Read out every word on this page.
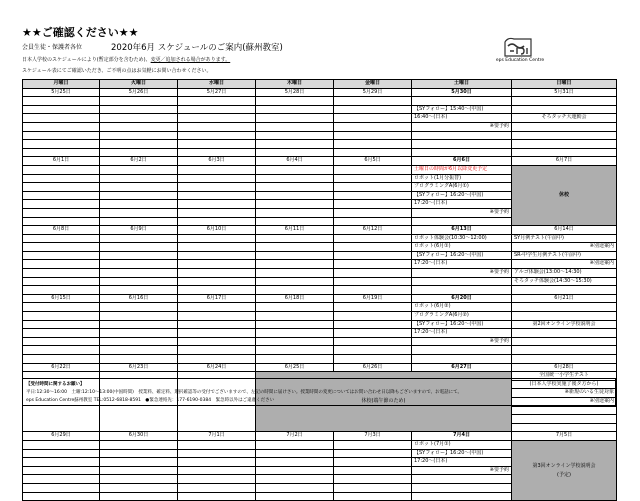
★★ご確認ください★★
会員生徒・保護者各位	2020年6月 スケジュールのご案内(蘇州教室)
日本人学校のスケジュールにより(暫定部分を含むため)、変更／追加される場合があります。
スケジュール表にてご確認いただき、ご不明の点はお気軽にお問い合わせください。
eps Education Centre
月曜日	火曜日	水曜日	木曜日	金曜日	土曜日	日曜日
5月25日	5月26日	5月27日	5月28日	5月29日	5月30日	5月31日

					【SYフォロー】15:40～(中国)	
					16:40～(日本)	そろタッチ大運動会
					※要予約	

6月1日	6月2日	6月3日	6月4日	6月5日	6月6日	6月7日
					土曜日の時間が6月以降変更予定	休校
					ロボット(1月分振替)	
					プログラミングA(6月①)	
					【SYフォロー】16:20～(中国)	
					17:20～(日本)	
					※要予約	

6月8日	6月9日	6月10日	6月11日	6月12日	6月13日	6月14日
					ロボット体験会(10:30～12:00)	SY月例テスト(午前中)
					ロボット(6月①)	※別途案内
					【SYフォロー】16:20～(中国)	SR-中学生月例テスト(午前中)
					17:20～(日本)	※別途案内
					※要予約	アルゴ体験会(13:00～14:30)
						そろタッチ体験会(14:30～15:30)

6月15日	6月16日	6月17日	6月18日	6月19日	6月20日	6月21日
					ロボット(6月②)	
					プログラミングA(6月②)	
					【SYフォロー】16:20～(中国)	第2回オンライン学校説明会
					17:20～(日本)	
					※要予約	

6月22日	6月23日	6月24日	6月25日	6月26日	6月27日	6月28日
			休校(端午節のため)			全国統一小学生テスト
						(日本人学校実施了後タ方から)
						※新規のいる生徒対象
						※別途案内

6月29日	6月30日	7月1日	7月2日	7月3日	7月4日	7月5日
					ロボット(7月①)	第3回オンライン学校説明会
(予定)

					【SYフォロー】16:20～(中国)	
					17:20～(日本)	
					※要予約	

【受付時間に関するお願い】
平日:12:30～16:00　土曜:12:10～13:00(中国時間)　授業料、確定料、選択確認等の受付でございますので、左記の時間に届けさい。授業時間の変更についてはお問い合わせ日以降もございますので、お電話にて。
eps Education Centre蘇州教室 TEL:0512-6818-8591　●緊急連絡先：177-6190-0384　緊急時以外はご遠慮ください
